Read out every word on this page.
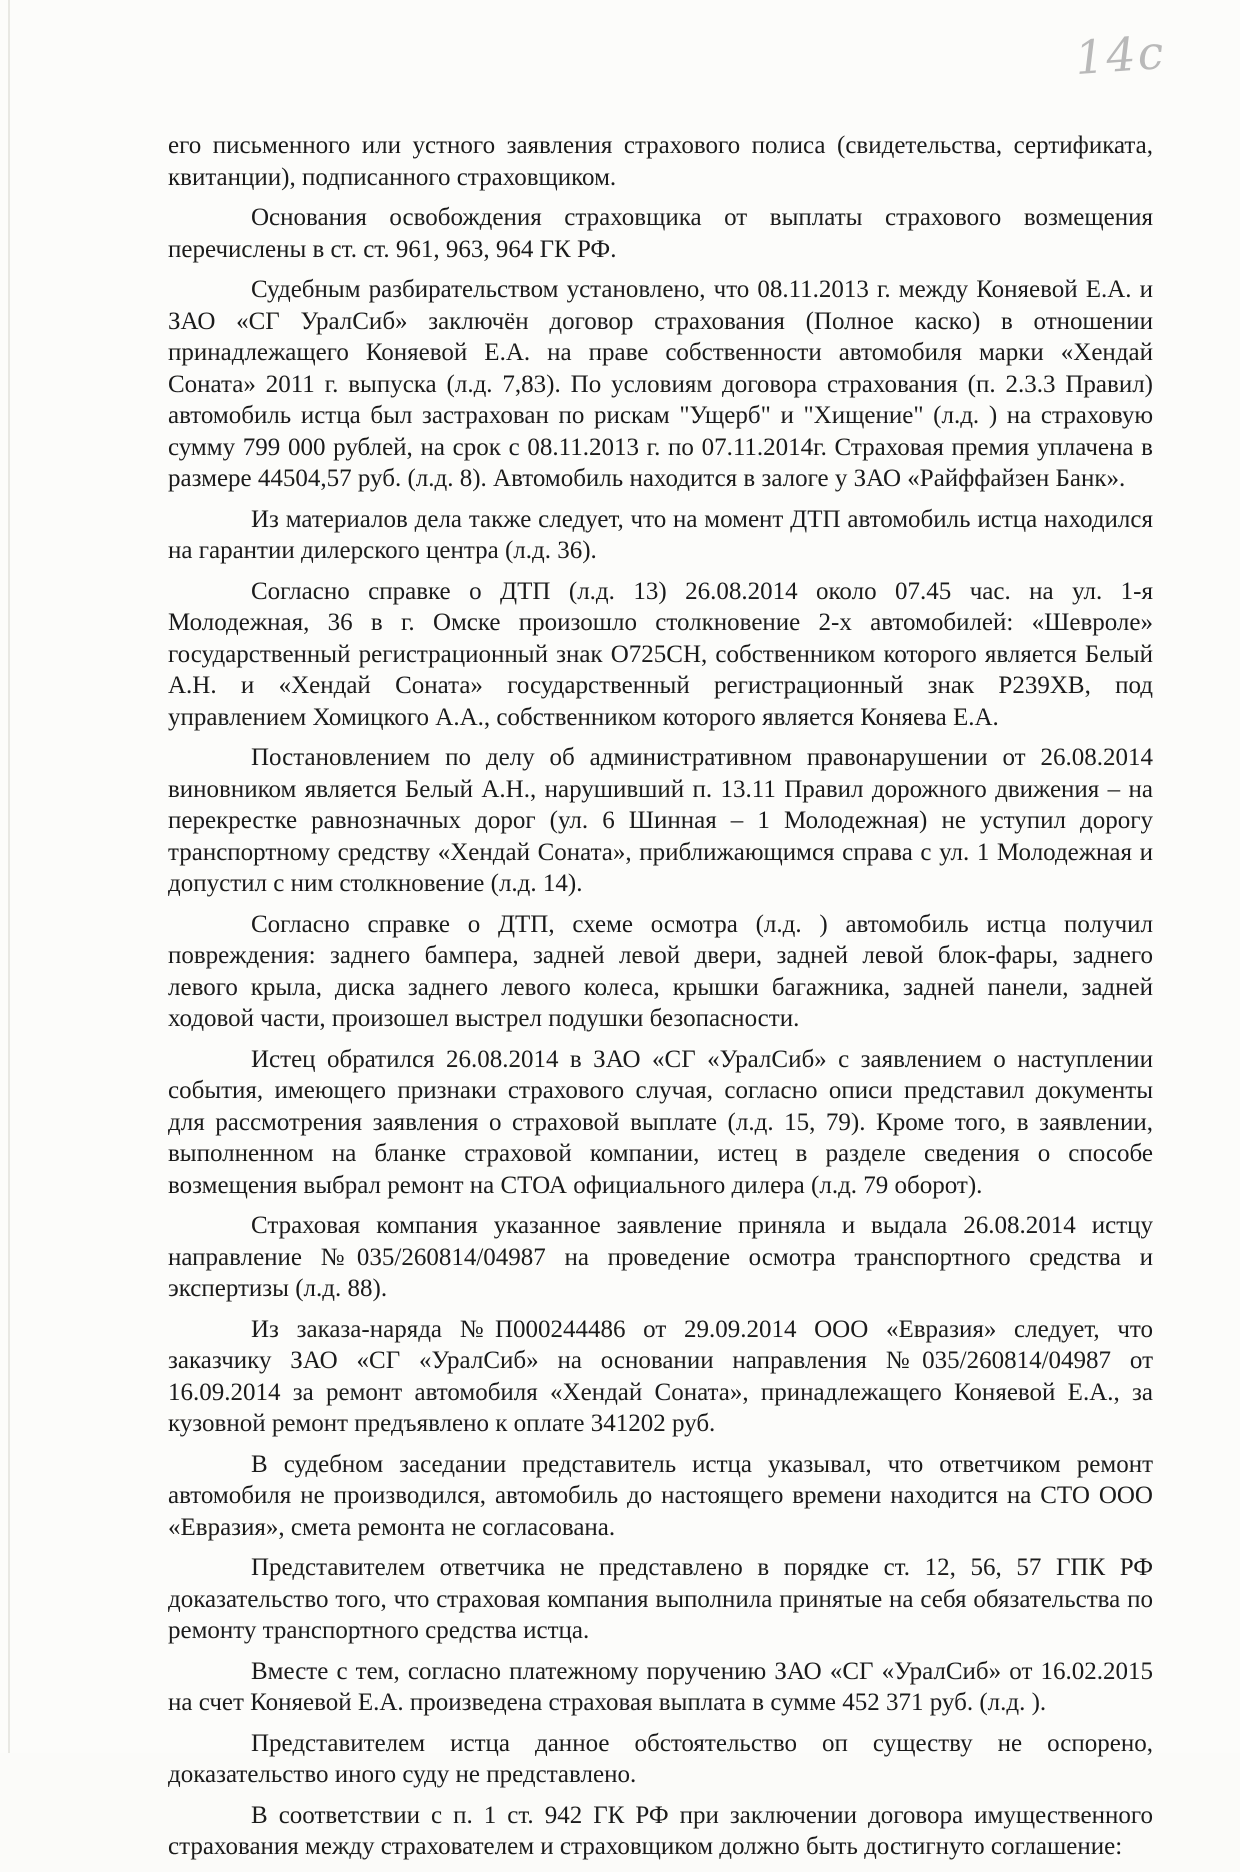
14с

его письменного или устного заявления страхового полиса (свидетельства, сертификата, квитанции), подписанного страховщиком.

Основания освобождения страховщика от выплаты страхового возмещения перечислены в ст. ст. 961, 963, 964 ГК РФ.

Судебным разбирательством установлено, что 08.11.2013 г. между Коняевой Е.А. и ЗАО «СГ УралСиб» заключён договор страхования (Полное каско) в отношении принадлежащего Коняевой Е.А. на праве собственности автомобиля марки «Хендай Соната» 2011 г. выпуска (л.д. 7,83). По условиям договора страхования (п. 2.3.3 Правил) автомобиль истца был застрахован по рискам "Ущерб" и "Хищение" (л.д. ) на страховую сумму 799 000 рублей, на срок с 08.11.2013 г. по 07.11.2014г. Страховая премия уплачена в размере 44504,57 руб. (л.д. 8). Автомобиль находится в залоге у ЗАО «Райффайзен Банк».

Из материалов дела также следует, что на момент ДТП автомобиль истца находился на гарантии дилерского центра (л.д. 36).

Согласно справке о ДТП (л.д. 13) 26.08.2014 около 07.45 час. на ул. 1-я Молодежная, 36 в г. Омске произошло столкновение 2-х автомобилей: «Шевроле» государственный регистрационный знак О725СН, собственником которого является Белый А.Н. и «Хендай Соната» государственный регистрационный знак Р239ХВ, под управлением Хомицкого А.А., собственником которого является Коняева Е.А.

Постановлением по делу об административном правонарушении от 26.08.2014 виновником является Белый А.Н., нарушивший п. 13.11 Правил дорожного движения – на перекрестке равнозначных дорог (ул. 6 Шинная – 1 Молодежная) не уступил дорогу транспортному средству «Хендай Соната», приближающимся справа с ул. 1 Молодежная и допустил с ним столкновение (л.д. 14).

Согласно справке о ДТП, схеме осмотра (л.д. ) автомобиль истца получил повреждения: заднего бампера, задней левой двери, задней левой блок-фары, заднего левого крыла, диска заднего левого колеса, крышки багажника, задней панели, задней ходовой части, произошел выстрел подушки безопасности.

Истец обратился 26.08.2014 в ЗАО «СГ «УралСиб» с заявлением о наступлении события, имеющего признаки страхового случая, согласно описи представил документы для рассмотрения заявления о страховой выплате (л.д. 15, 79). Кроме того, в заявлении, выполненном на бланке страховой компании, истец в разделе сведения о способе возмещения выбрал ремонт на СТОА официального дилера (л.д. 79 оборот).

Страховая компания указанное заявление приняла и выдала 26.08.2014 истцу направление №035/260814/04987 на проведение осмотра транспортного средства и экспертизы (л.д. 88).

Из заказа-наряда №П000244486 от 29.09.2014 ООО «Евразия» следует, что заказчику ЗАО «СГ «УралСиб» на основании направления №035/260814/04987 от 16.09.2014 за ремонт автомобиля «Хендай Соната», принадлежащего Коняевой Е.А., за кузовной ремонт предъявлено к оплате 341202 руб.

В судебном заседании представитель истца указывал, что ответчиком ремонт автомобиля не производился, автомобиль до настоящего времени находится на СТО ООО «Евразия», смета ремонта не согласована.

Представителем ответчика не представлено в порядке ст. 12, 56, 57 ГПК РФ доказательство того, что страховая компания выполнила принятые на себя обязательства по ремонту транспортного средства истца.

Вместе с тем, согласно платежному поручению ЗАО «СГ «УралСиб» от 16.02.2015 на счет Коняевой Е.А. произведена страховая выплата в сумме 452 371 руб. (л.д. ).

Представителем истца данное обстоятельство оп существу не оспорено, доказательство иного суду не представлено.

В соответствии с п. 1 ст. 942 ГК РФ при заключении договора имущественного страхования между страхователем и страховщиком должно быть достигнуто соглашение:
